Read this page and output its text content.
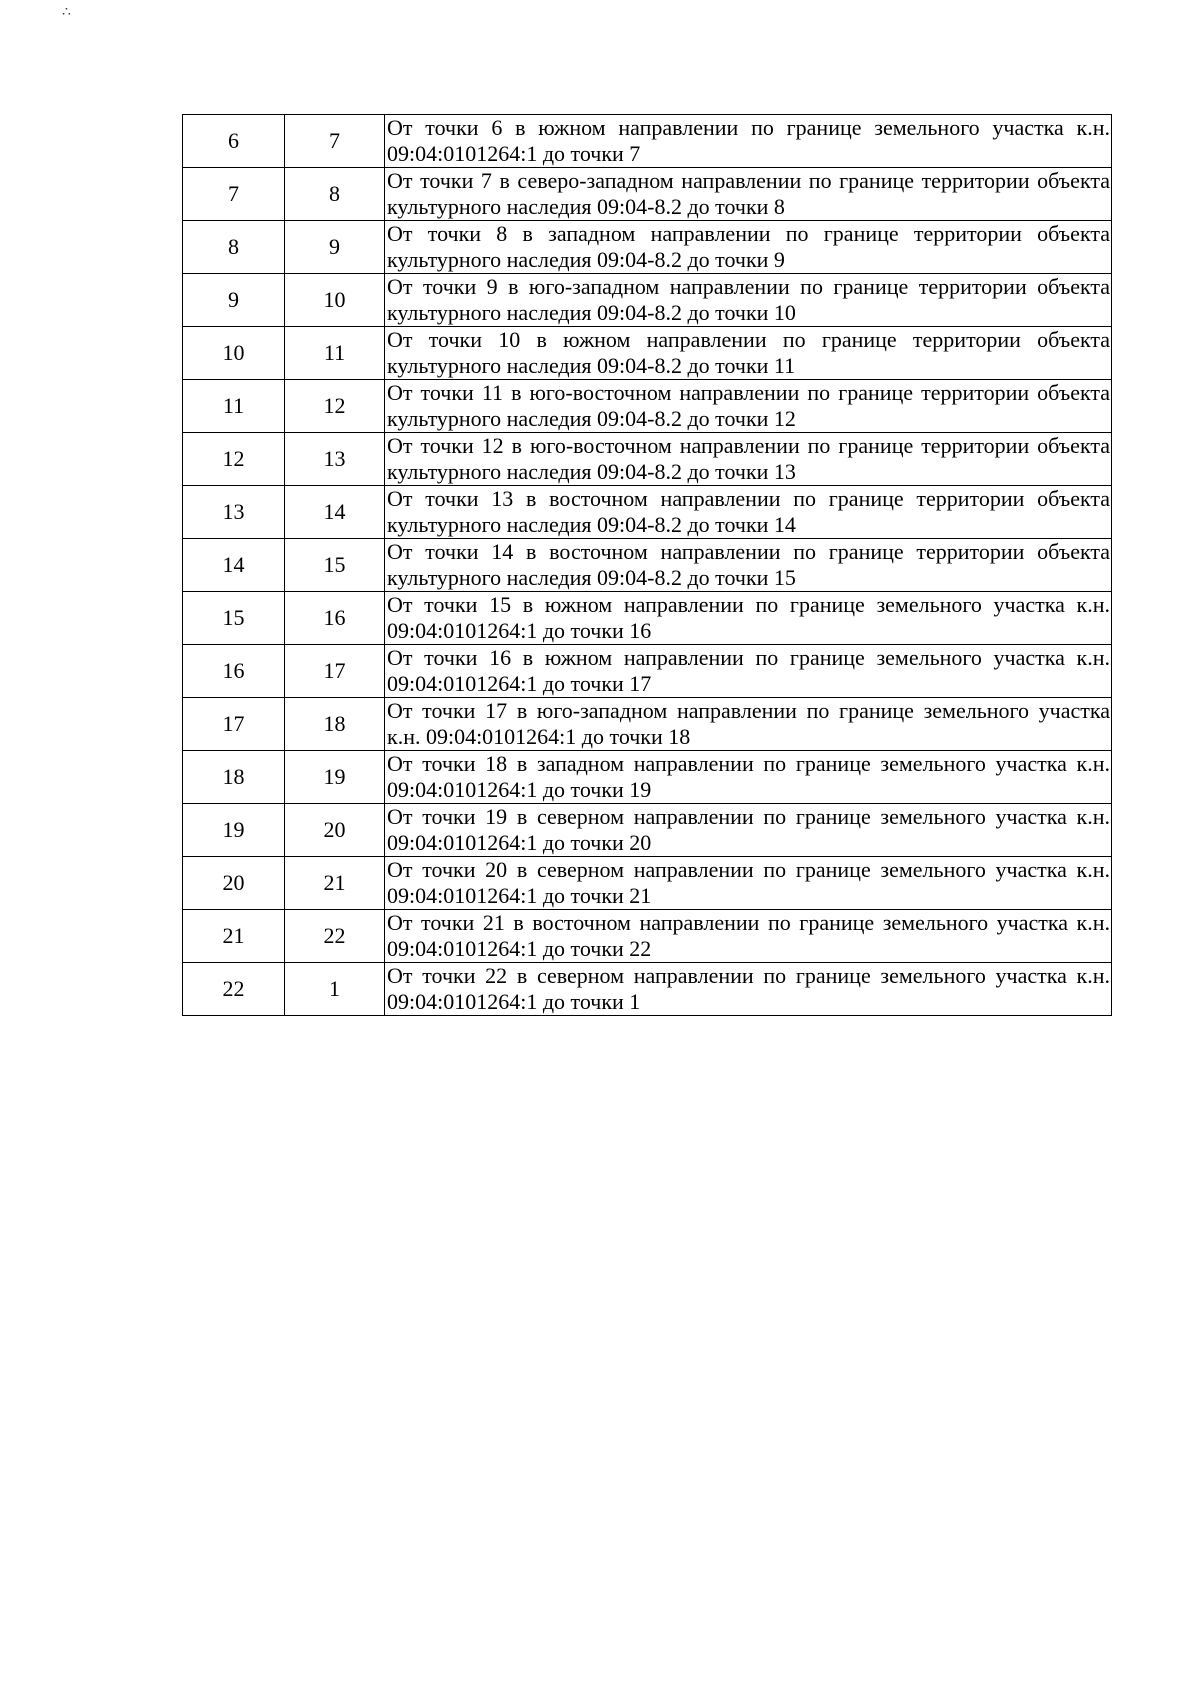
∴
6	7	От точки 6 в южном направлении по границе земельного участка к.н. 09:04:0101264:1 до точки 7
7	8	От точки 7 в северо-западном направлении по границе территории объекта культурного наследия 09:04-8.2 до точки 8
8	9	От точки 8 в западном направлении по границе территории объекта культурного наследия 09:04-8.2 до точки 9
9	10	От точки 9 в юго-западном направлении по границе территории объекта культурного наследия 09:04-8.2 до точки 10
10	11	От точки 10 в южном направлении по границе территории объекта культурного наследия 09:04-8.2 до точки 11
11	12	От точки 11 в юго-восточном направлении по границе территории объекта культурного наследия 09:04-8.2 до точки 12
12	13	От точки 12 в юго-восточном направлении по границе территории объекта культурного наследия 09:04-8.2 до точки 13
13	14	От точки 13 в восточном направлении по границе территории объекта культурного наследия 09:04-8.2 до точки 14
14	15	От точки 14 в восточном направлении по границе территории объекта культурного наследия 09:04-8.2 до точки 15
15	16	От точки 15 в южном направлении по границе земельного участка к.н. 09:04:0101264:1 до точки 16
16	17	От точки 16 в южном направлении по границе земельного участка к.н. 09:04:0101264:1 до точки 17
17	18	От точки 17 в юго-западном направлении по границе земельного участка к.н. 09:04:0101264:1 до точки 18
18	19	От точки 18 в западном направлении по границе земельного участка к.н. 09:04:0101264:1 до точки 19
19	20	От точки 19 в северном направлении по границе земельного участка к.н. 09:04:0101264:1 до точки 20
20	21	От точки 20 в северном направлении по границе земельного участка к.н. 09:04:0101264:1 до точки 21
21	22	От точки 21 в восточном направлении по границе земельного участка к.н. 09:04:0101264:1 до точки 22
22	1	От точки 22 в северном направлении по границе земельного участка к.н. 09:04:0101264:1 до точки 1
